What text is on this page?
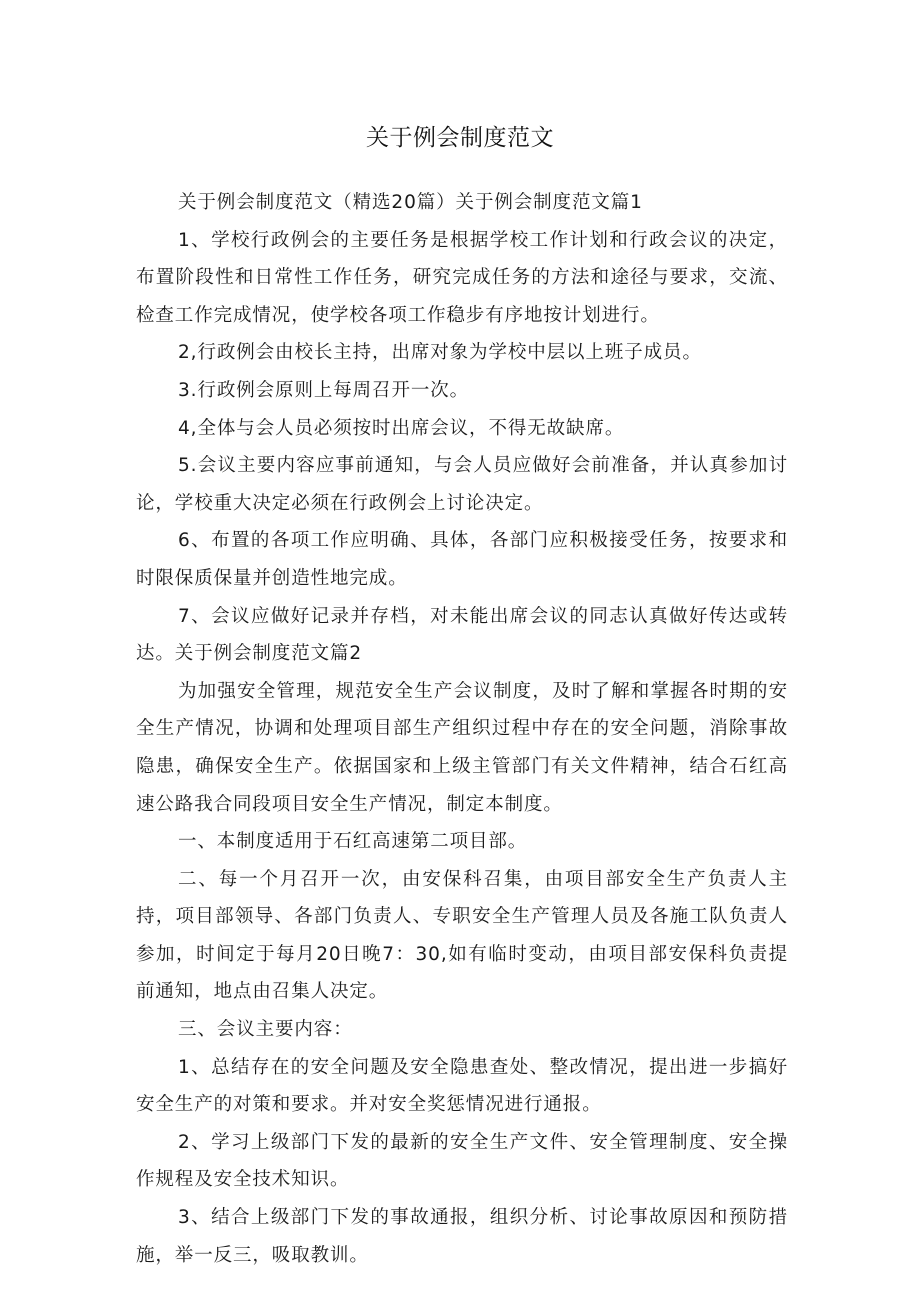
关于例会制度范文

关于例会制度范文（精选20篇）关于例会制度范文篇1

1、学校行政例会的主要任务是根据学校工作计划和行政会议的决定，布置阶段性和日常性工作任务，研究完成任务的方法和途径与要求，交流、检查工作完成情况，使学校各项工作稳步有序地按计划进行。

2,行政例会由校长主持，出席对象为学校中层以上班子成员。

3.行政例会原则上每周召开一次。

4,全体与会人员必须按时出席会议，不得无故缺席。

5.会议主要内容应事前通知，与会人员应做好会前准备，并认真参加讨论，学校重大决定必须在行政例会上讨论决定。

6、布置的各项工作应明确、具体，各部门应积极接受任务，按要求和时限保质保量并创造性地完成。

7、会议应做好记录并存档，对未能出席会议的同志认真做好传达或转达。关于例会制度范文篇2

为加强安全管理，规范安全生产会议制度，及时了解和掌握各时期的安全生产情况，协调和处理项目部生产组织过程中存在的安全问题，消除事故隐患，确保安全生产。依据国家和上级主管部门有关文件精神，结合石红高速公路我合同段项目安全生产情况，制定本制度。

一、本制度适用于石红高速第二项目部。

二、每一个月召开一次，由安保科召集，由项目部安全生产负责人主持，项目部领导、各部门负责人、专职安全生产管理人员及各施工队负责人参加，时间定于每月20日晚7：30,如有临时变动，由项目部安保科负责提前通知，地点由召集人决定。

三、会议主要内容：

1、总结存在的安全问题及安全隐患查处、整改情况，提出进一步搞好安全生产的对策和要求。并对安全奖惩情况进行通报。

2、学习上级部门下发的最新的安全生产文件、安全管理制度、安全操作规程及安全技术知识。

3、结合上级部门下发的事故通报，组织分析、讨论事故原因和预防措施，举一反三，吸取教训。
